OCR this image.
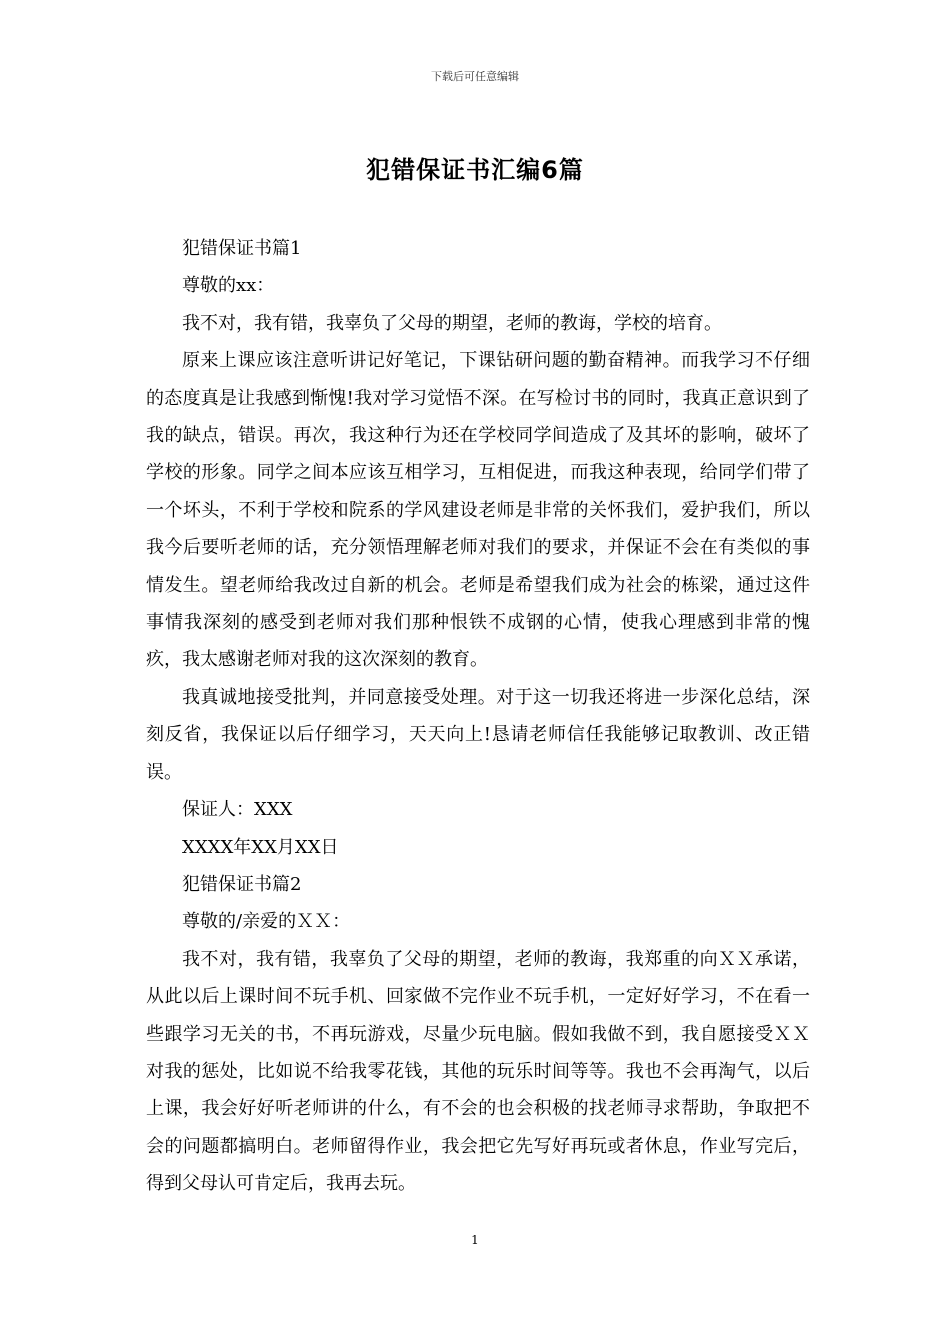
下载后可任意编辑
犯错保证书汇编6篇

犯错保证书篇1

尊敬的xx：

我不对，我有错，我辜负了父母的期望，老师的教诲，学校的培育。

原来上课应该注意听讲记好笔记，下课钻研问题的勤奋精神。而我学习不仔细的态度真是让我感到惭愧!我对学习觉悟不深。在写检讨书的同时，我真正意识到了我的缺点，错误。再次，我这种行为还在学校同学间造成了及其坏的影响，破坏了学校的形象。同学之间本应该互相学习，互相促进，而我这种表现，给同学们带了一个坏头，不利于学校和院系的学风建设老师是非常的关怀我们，爱护我们，所以我今后要听老师的话，充分领悟理解老师对我们的要求，并保证不会在有类似的事情发生。望老师给我改过自新的机会。老师是希望我们成为社会的栋梁，通过这件事情我深刻的感受到老师对我们那种恨铁不成钢的心情，使我心理感到非常的愧疚，我太感谢老师对我的这次深刻的教育。

我真诚地接受批判，并同意接受处理。对于这一切我还将进一步深化总结，深刻反省，我保证以后仔细学习，天天向上!恳请老师信任我能够记取教训、改正错误。

保证人：XXX

XXXX年XX月XX日

犯错保证书篇2

尊敬的/亲爱的ＸＸ：

我不对，我有错，我辜负了父母的期望，老师的教诲，我郑重的向ＸＸ承诺，从此以后上课时间不玩手机、回家做不完作业不玩手机，一定好好学习，不在看一些跟学习无关的书，不再玩游戏，尽量少玩电脑。假如我做不到，我自愿接受ＸＸ对我的惩处，比如说不给我零花钱，其他的玩乐时间等等。我也不会再淘气，以后上课，我会好好听老师讲的什么，有不会的也会积极的找老师寻求帮助，争取把不会的问题都搞明白。老师留得作业，我会把它先写好再玩或者休息，作业写完后，得到父母认可肯定后，我再去玩。

1
